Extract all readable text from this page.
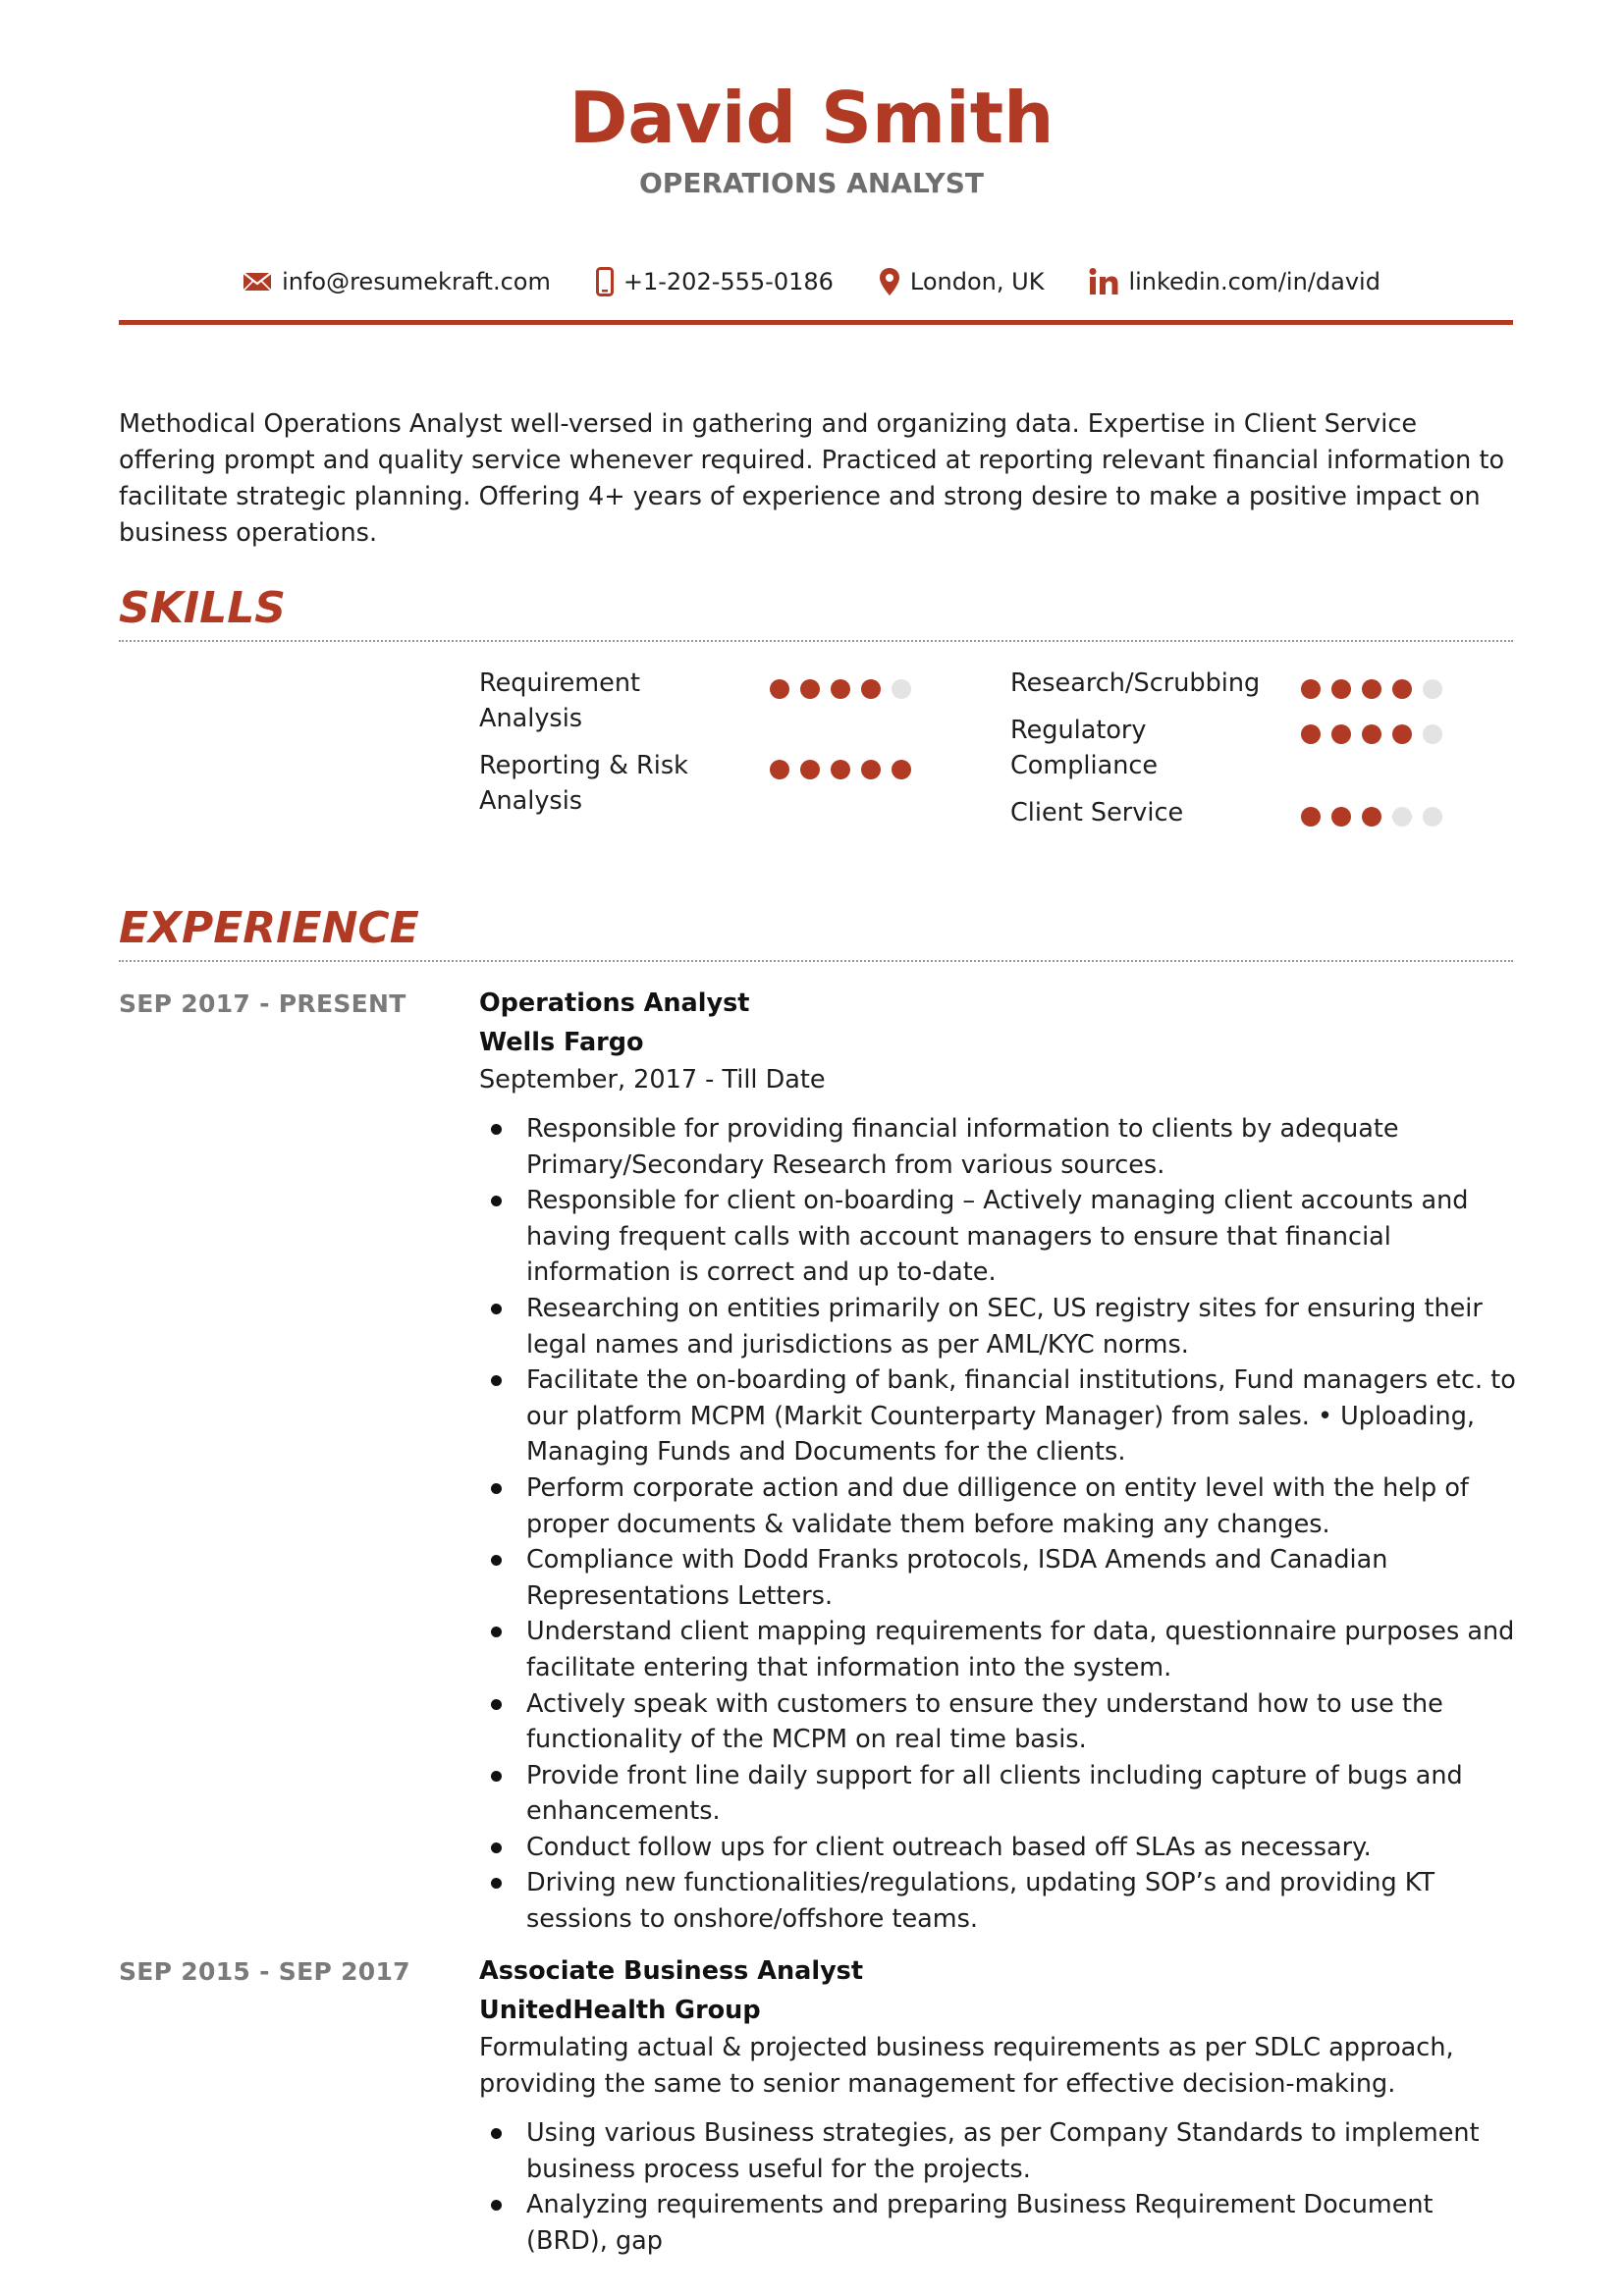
David Smith
OPERATIONS ANALYST
info@resumekraft.com	+1-202-555-0186	London, UK	linkedin.com/in/david
Methodical Operations Analyst well-versed in gathering and organizing data. Expertise in Client Service offering prompt and quality service whenever required. Practiced at reporting relevant financial information to facilitate strategic planning. Offering 4+ years of experience and strong desire to make a positive impact on business operations.
SKILLS
Requirement Analysis
Reporting & Risk Analysis
Research/Scrubbing
Regulatory Compliance
Client Service
EXPERIENCE
SEP 2017 - PRESENT	Operations Analyst
Wells Fargo
September, 2017 - Till Date
Responsible for providing financial information to clients by adequate Primary/Secondary Research from various sources.
Responsible for client on-boarding – Actively managing client accounts and having frequent calls with account managers to ensure that financial information is correct and up to-date.
Researching on entities primarily on SEC, US registry sites for ensuring their legal names and jurisdictions as per AML/KYC norms.
Facilitate the on-boarding of bank, financial institutions, Fund managers etc. to our platform MCPM (Markit Counterparty Manager) from sales. • Uploading, Managing Funds and Documents for the clients.
Perform corporate action and due dilligence on entity level with the help of proper documents & validate them before making any changes.
Compliance with Dodd Franks protocols, ISDA Amends and Canadian Representations Letters.
Understand client mapping requirements for data, questionnaire purposes and facilitate entering that information into the system.
Actively speak with customers to ensure they understand how to use the functionality of the MCPM on real time basis.
Provide front line daily support for all clients including capture of bugs and enhancements.
Conduct follow ups for client outreach based off SLAs as necessary.
Driving new functionalities/regulations, updating SOP’s and providing KT sessions to onshore/offshore teams.
SEP 2015 - SEP 2017	Associate Business Analyst
UnitedHealth Group
Formulating actual & projected business requirements as per SDLC approach, providing the same to senior management for effective decision-making.
Using various Business strategies, as per Company Standards to implement business process useful for the projects.
Analyzing requirements and preparing Business Requirement Document (BRD), gap
